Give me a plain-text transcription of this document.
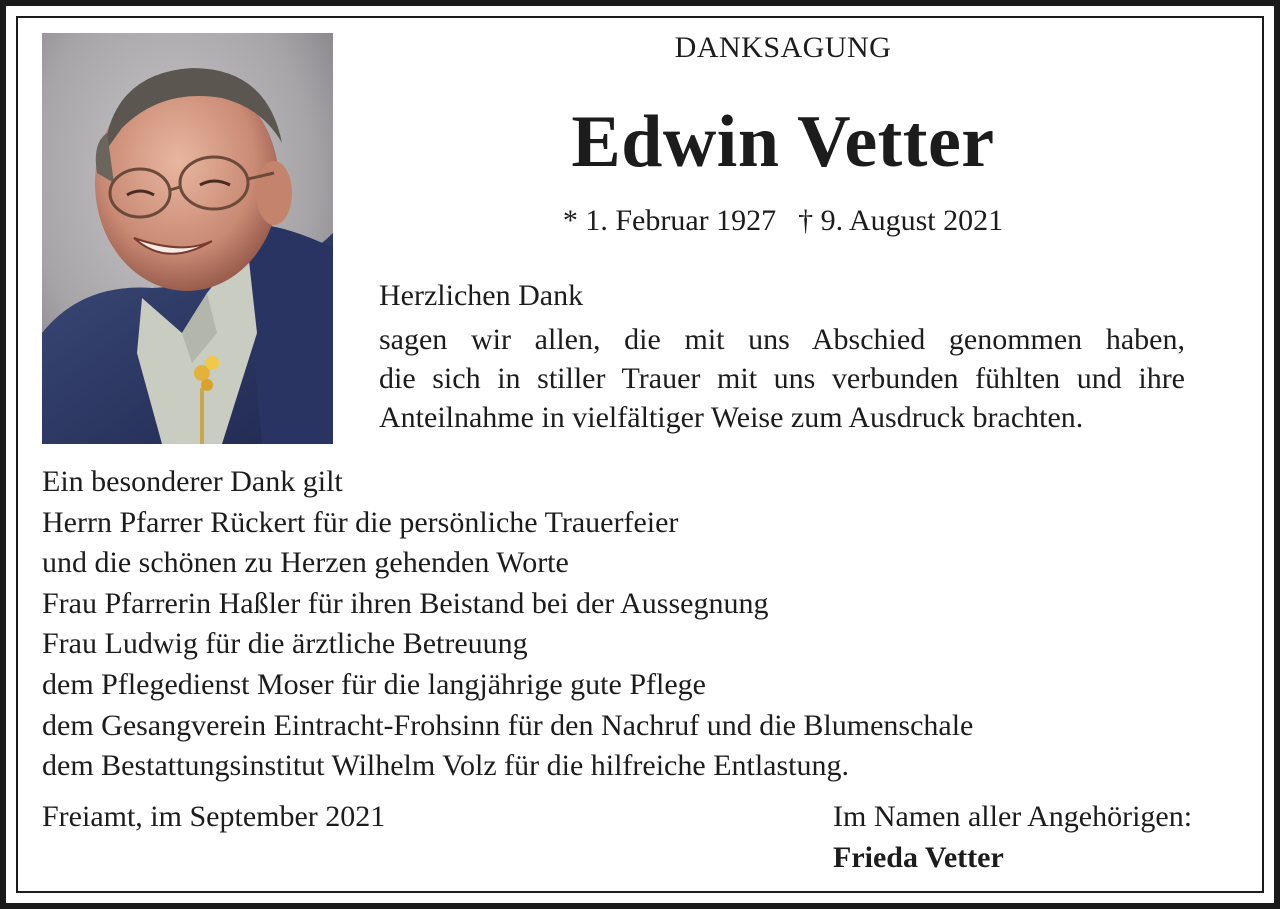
DANKSAGUNG
Edwin Vetter
* 1. Februar 1927 † 9. August 2021
Herzlichen Dank
sagen wir allen, die mit uns Abschied genommen haben,
die sich in stiller Trauer mit uns verbunden fühlten und ihre
Anteilnahme in vielfältiger Weise zum Ausdruck brachten.
Ein besonderer Dank gilt
Herrn Pfarrer Rückert für die persönliche Trauerfeier
und die schönen zu Herzen gehenden Worte
Frau Pfarrerin Haßler für ihren Beistand bei der Aussegnung
Frau Ludwig für die ärztliche Betreuung
dem Pflegedienst Moser für die langjährige gute Pflege
dem Gesangverein Eintracht-Frohsinn für den Nachruf und die Blumenschale
dem Bestattungsinstitut Wilhelm Volz für die hilfreiche Entlastung.
Freiamt, im September 2021	Im Namen aller Angehörigen:
Frieda Vetter
